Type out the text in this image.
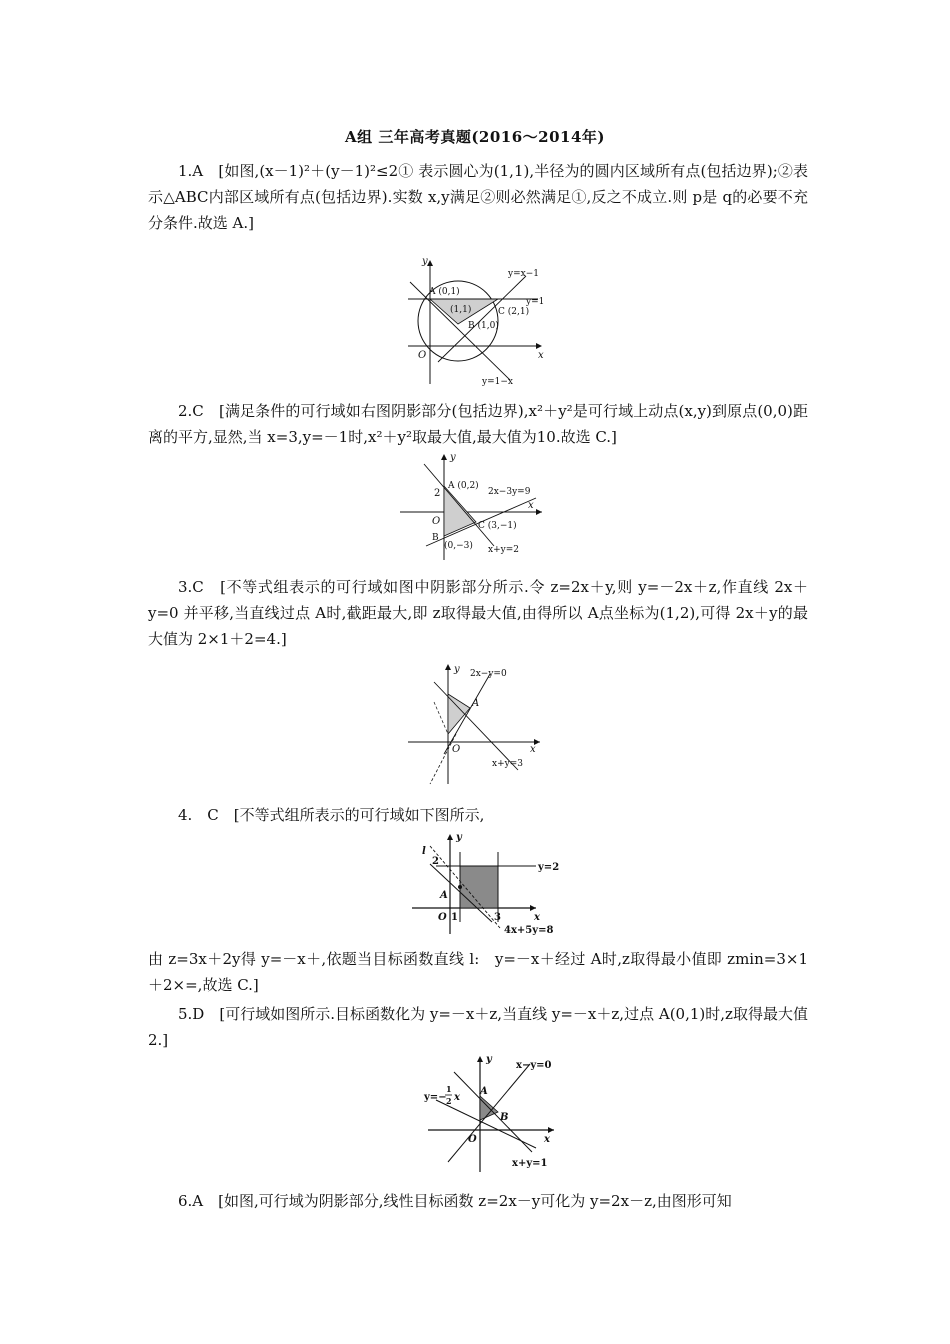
A组 三年高考真题(2016～2014年)
1.A　[如图,(x－1)²＋(y－1)²≤2① 表示圆心为(1,1),半径为的圆内区域所有点(包括边界);②表示△ABC内部区域所有点(包括边界).实数 x,y满足②则必然满足①,反之不成立.则 p是 q的必要不充分条件.故选 A.]
y
x
O
y=x−1
y=1
y=1−x
A (0,1)
C (2,1)
B (1,0)
(1,1)
2.C　[满足条件的可行域如右图阴影部分(包括边界),x²＋y²是可行域上动点(x,y)到原点(0,0)距离的平方,显然,当 x=3,y=－1时,x²＋y²取最大值,最大值为10.故选 C.]
y
x
O
2
A (0,2)
B
(0,−3)
C (3,−1)
2x−3y=9
x+y=2
3.C　[不等式组表示的可行域如图中阴影部分所示.令 z=2x＋y,则 y=－2x＋z,作直线 2x＋y=0 并平移,当直线过点 A时,截距最大,即 z取得最大值,由得所以 A点坐标为(1,2),可得 2x＋y的最大值为 2×1＋2=4.]
y
x
O
A
2x−y=0
x+y=3
4.　C　[不等式组所表示的可行域如下图所示,
y
x
O
l
2
1	3
A
y=2
4x+5y=8
由 z=3x＋2y得 y=－x＋,依题当目标函数直线 l:　y=－x＋经过 A时,z取得最小值即 zmin=3×1＋2×=,故选 C.]
5.D　[可行域如图所示.目标函数化为 y=－x＋z,当直线 y=－x＋z,过点 A(0,1)时,z取得最大值 2.]
y
x
O
A
B
x−y=0
x+y=1
y=−
1
2 x
6.A　[如图,可行域为阴影部分,线性目标函数 z=2x－y可化为 y=2x－z,由图形可知
